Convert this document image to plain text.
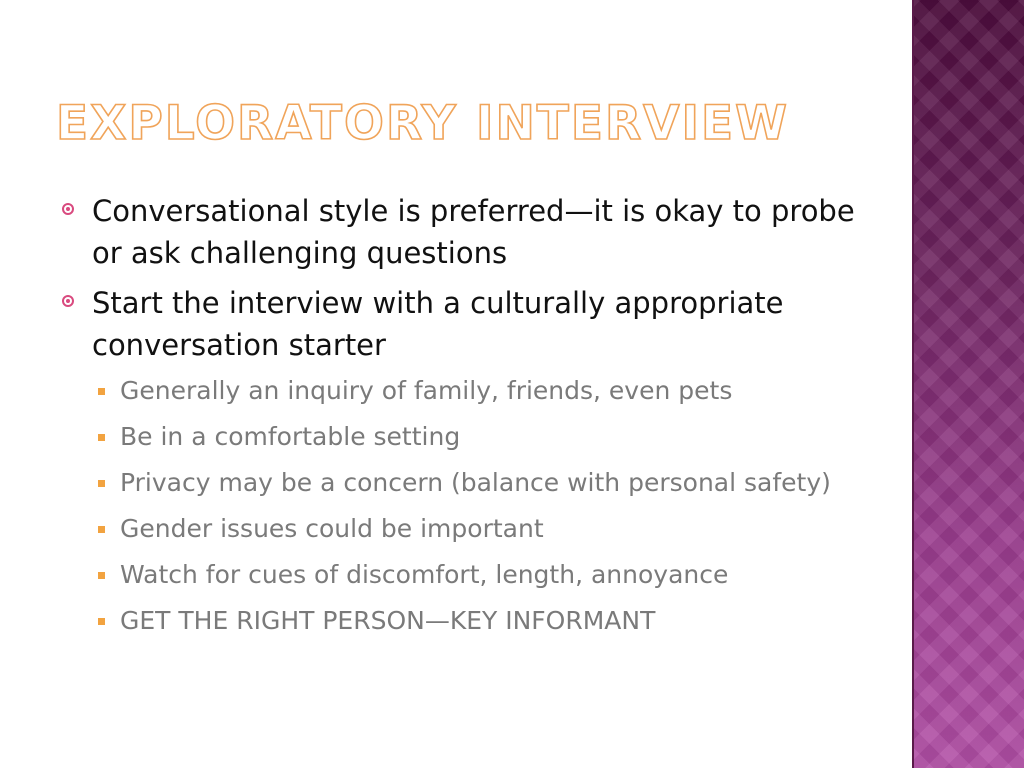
EXPLORATORY INTERVIEW
Conversational style is preferred—it is okay to probe or ask challenging questions
Start the interview with a culturally appropriate conversation starter
Generally an inquiry of family, friends, even pets
Be in a comfortable setting
Privacy may be a concern (balance with personal safety)
Gender issues could be important
Watch for cues of discomfort, length, annoyance
GET THE RIGHT PERSON—KEY INFORMANT
